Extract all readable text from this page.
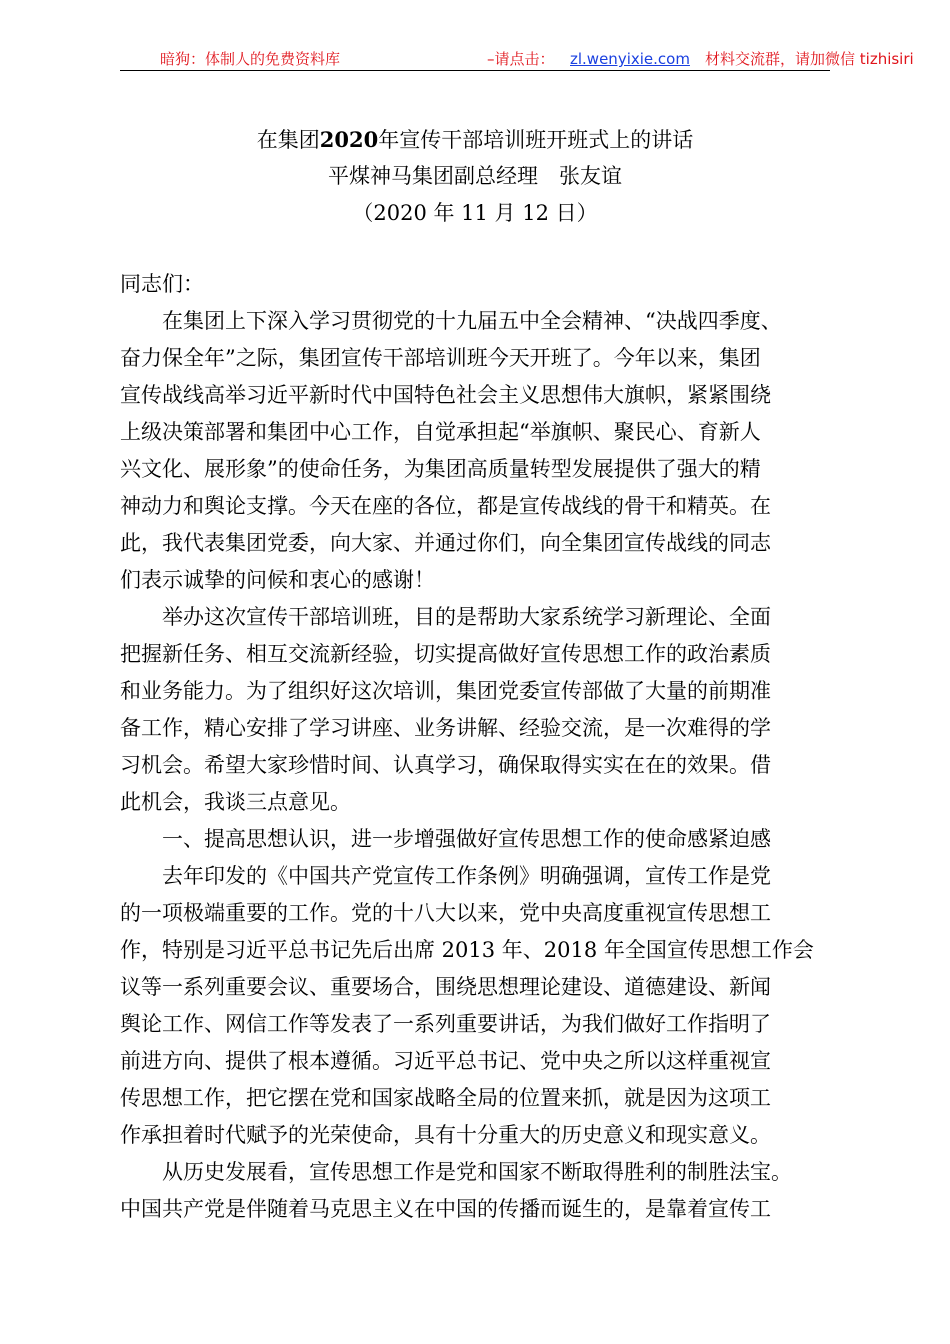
暗狗：体制人的免费资料库	–请点击： zl.wenyixie.com 材料交流群，请加微信 tizhisiri
在集团2020年宣传干部培训班开班式上的讲话
平煤神马集团副总经理　张友谊
（2020 年 11 月 12 日）
同志们：
在集团上下深入学习贯彻党的十九届五中全会精神、“决战四季度、
奋力保全年”之际，集团宣传干部培训班今天开班了。今年以来，集团
宣传战线高举习近平新时代中国特色社会主义思想伟大旗帜，紧紧围绕
上级决策部署和集团中心工作，自觉承担起“举旗帜、聚民心、育新人
兴文化、展形象”的使命任务，为集团高质量转型发展提供了强大的精
神动力和舆论支撑。今天在座的各位，都是宣传战线的骨干和精英。在
此，我代表集团党委，向大家、并通过你们，向全集团宣传战线的同志
们表示诚挚的问候和衷心的感谢！
举办这次宣传干部培训班，目的是帮助大家系统学习新理论、全面
把握新任务、相互交流新经验，切实提高做好宣传思想工作的政治素质
和业务能力。为了组织好这次培训，集团党委宣传部做了大量的前期准
备工作，精心安排了学习讲座、业务讲解、经验交流，是一次难得的学
习机会。希望大家珍惜时间、认真学习，确保取得实实在在的效果。借
此机会，我谈三点意见。
一、提高思想认识，进一步增强做好宣传思想工作的使命感紧迫感
去年印发的《中国共产党宣传工作条例》明确强调，宣传工作是党
的一项极端重要的工作。党的十八大以来，党中央高度重视宣传思想工
作，特别是习近平总书记先后出席 2013 年、2018 年全国宣传思想工作会
议等一系列重要会议、重要场合，围绕思想理论建设、道德建设、新闻
舆论工作、网信工作等发表了一系列重要讲话，为我们做好工作指明了
前进方向、提供了根本遵循。习近平总书记、党中央之所以这样重视宣
传思想工作，把它摆在党和国家战略全局的位置来抓，就是因为这项工
作承担着时代赋予的光荣使命，具有十分重大的历史意义和现实意义。
从历史发展看，宣传思想工作是党和国家不断取得胜利的制胜法宝。
中国共产党是伴随着马克思主义在中国的传播而诞生的，是靠着宣传工
